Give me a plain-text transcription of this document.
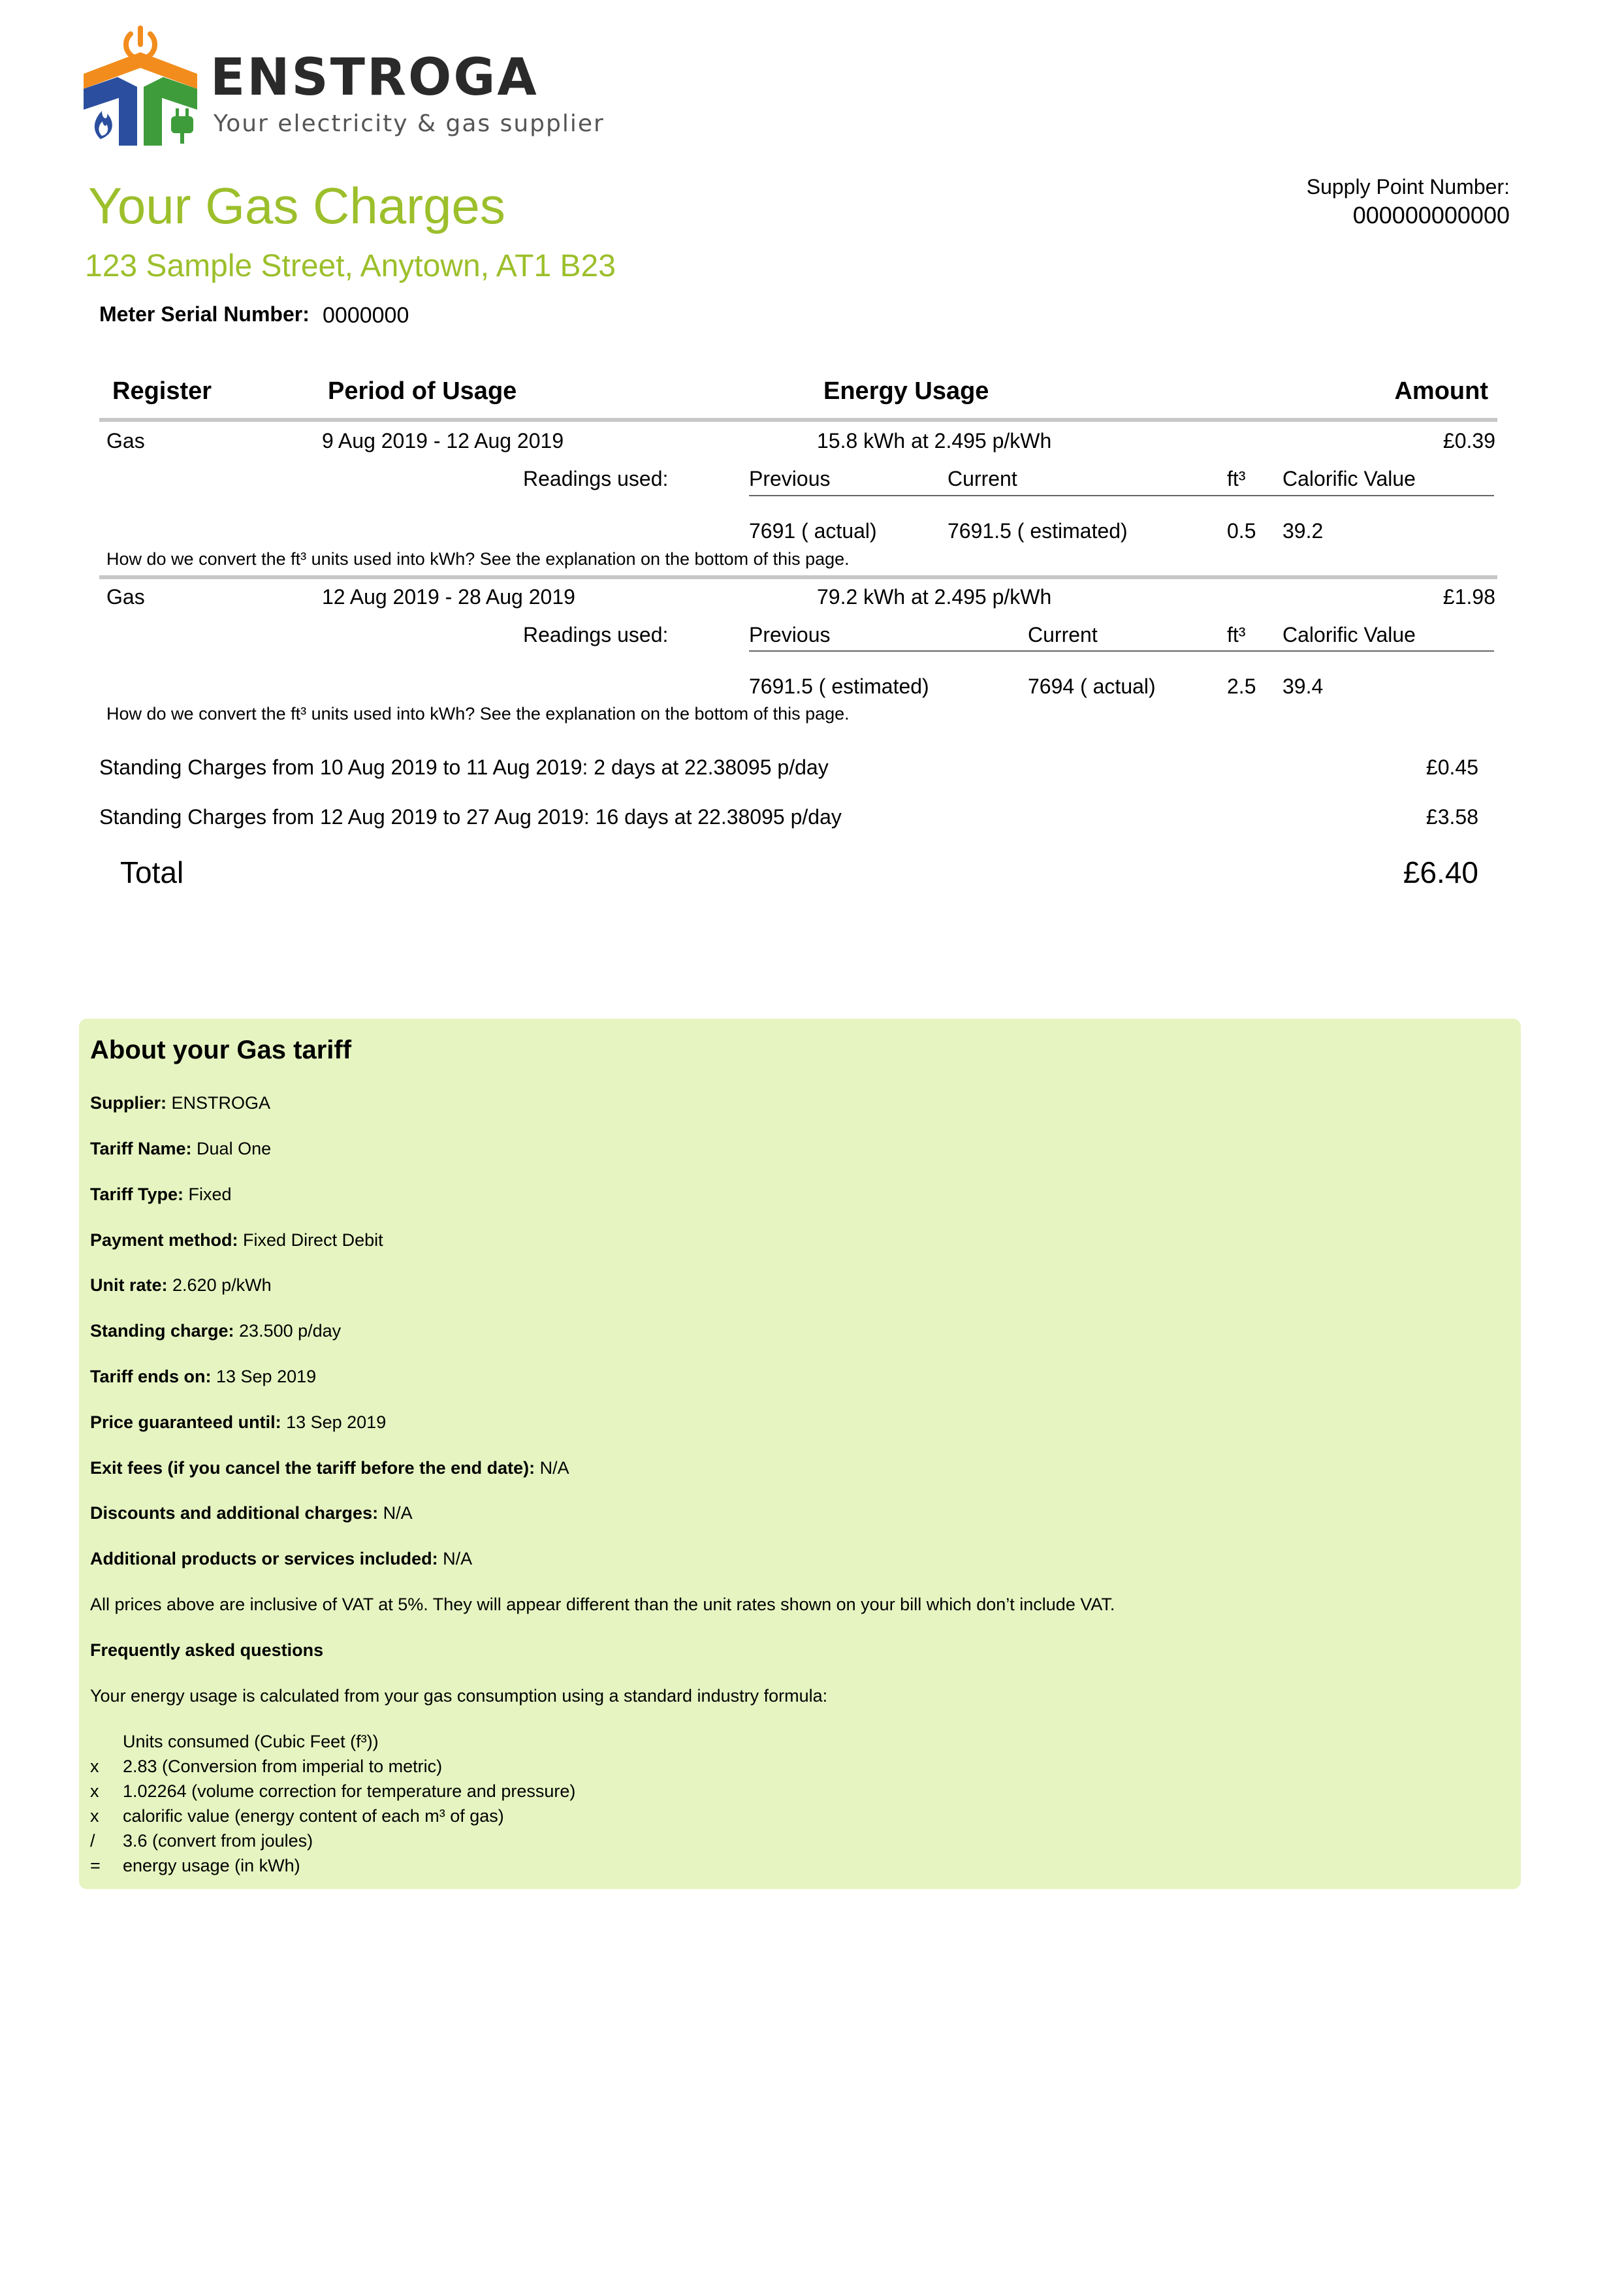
ENSTROGA
Your electricity & gas supplier
Your Gas Charges
123 Sample Street, Anytown, AT1 B23
Supply Point Number:
000000000000
Meter Serial Number: 0000000
Register	Period of Usage	Energy Usage	Amount
Gas	9 Aug 2019 - 12 Aug 2019	15.8 kWh at 2.495 p/kWh	£0.39
Readings used:	Previous	Current	ft³ Calorific Value
7691 ( actual)	7691.5 ( estimated)	0.5 39.2
How do we convert the ft³ units used into kWh? See the explanation on the bottom of this page.
Gas	12 Aug 2019 - 28 Aug 2019	79.2 kWh at 2.495 p/kWh	£1.98
Readings used:	Previous	Current	ft³ Calorific Value
7691.5 ( estimated)	7694 ( actual)	2.5 39.4
How do we convert the ft³ units used into kWh? See the explanation on the bottom of this page.
Standing Charges from 10 Aug 2019 to 11 Aug 2019: 2 days at 22.38095 p/day	£0.45
Standing Charges from 12 Aug 2019 to 27 Aug 2019: 16 days at 22.38095 p/day	£3.58
Total	£6.40
About your Gas tariff
Supplier: ENSTROGA
Tariff Name: Dual One
Tariff Type: Fixed
Payment method: Fixed Direct Debit
Unit rate: 2.620 p/kWh
Standing charge: 23.500 p/day
Tariff ends on: 13 Sep 2019
Price guaranteed until: 13 Sep 2019
Exit fees (if you cancel the tariff before the end date): N/A
Discounts and additional charges: N/A
Additional products or services included: N/A
All prices above are inclusive of VAT at 5%. They will appear different than the unit rates shown on your bill which don’t include VAT.
Frequently asked questions
Your energy usage is calculated from your gas consumption using a standard industry formula:
Units consumed (Cubic Feet (f³))
x 2.83 (Conversion from imperial to metric)
x 1.02264 (volume correction for temperature and pressure)
x calorific value (energy content of each m³ of gas)
/ 3.6 (convert from joules)
= energy usage (in kWh)
